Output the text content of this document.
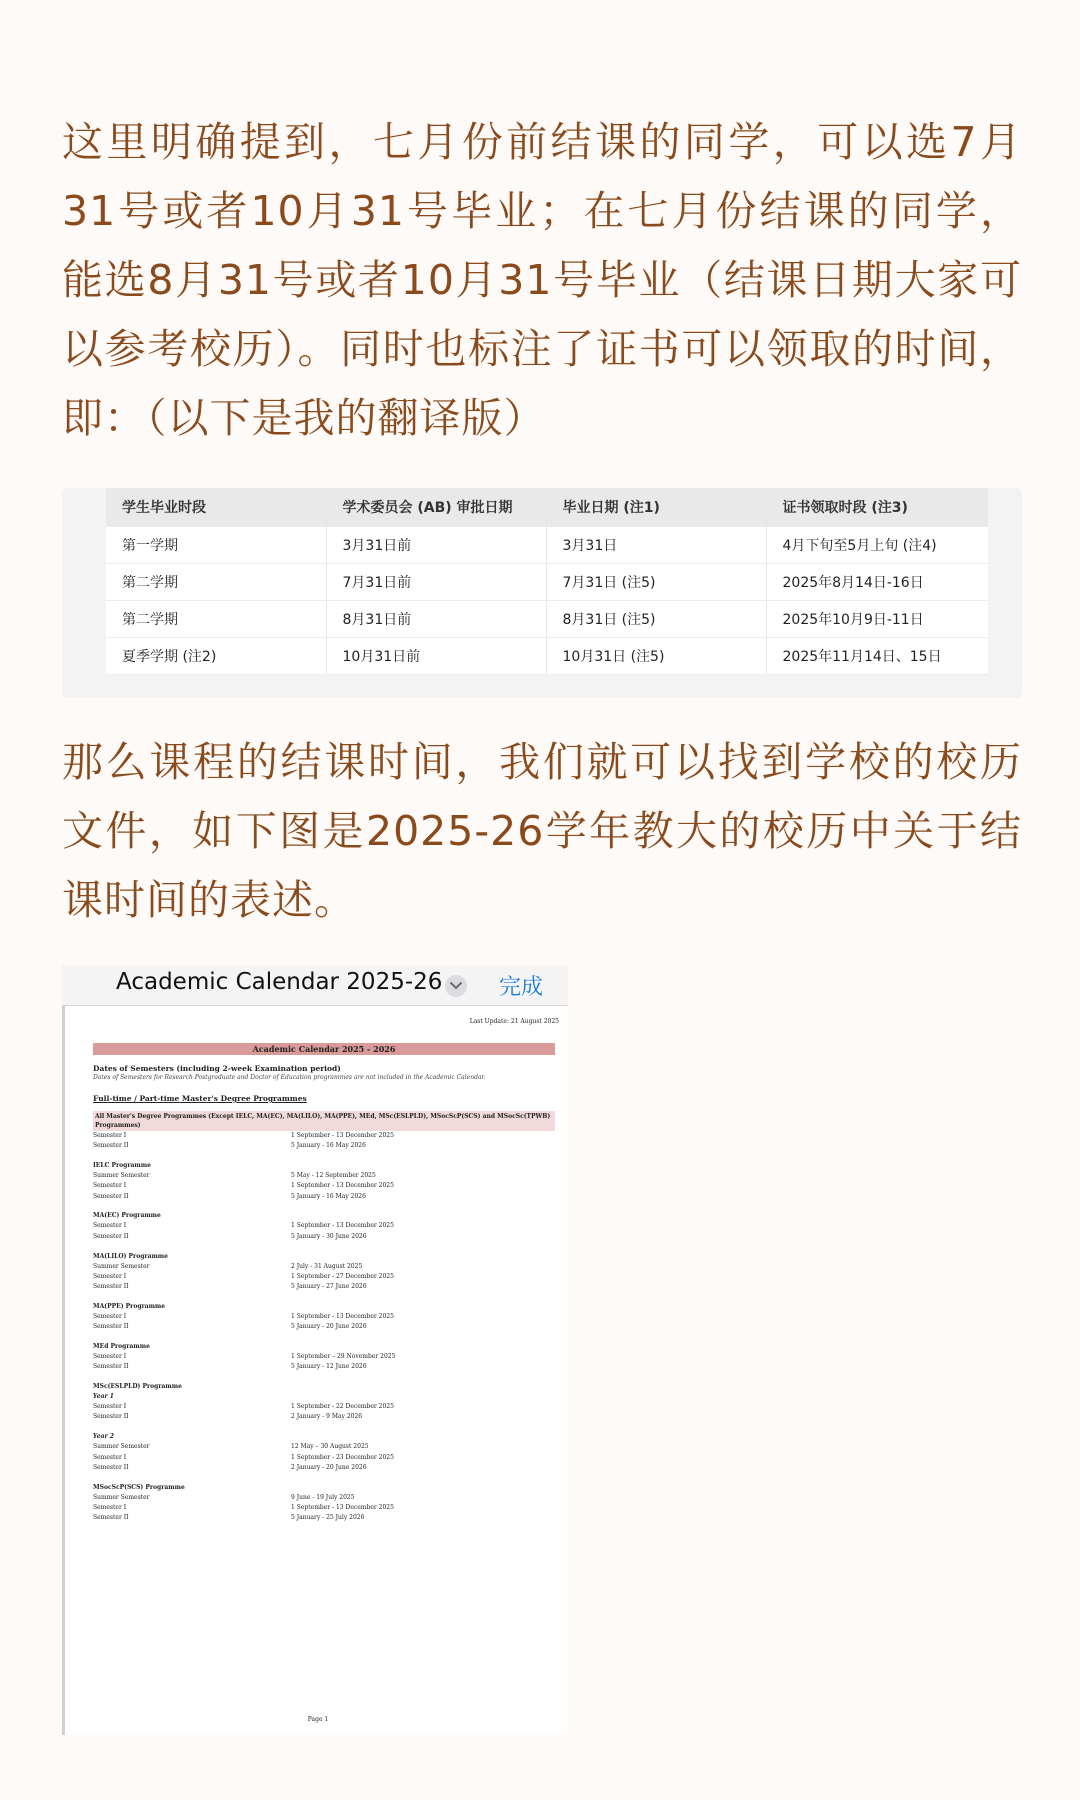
这里明确提到，七月份前结课的同学，可以选7月31号或者10月31号毕业；在七月份结课的同学，能选8月31号或者10月31号毕业（结课日期大家可以参考校历）。同时也标注了证书可以领取的时间，即：（以下是我的翻译版）

学生毕业时段	学术委员会 (AB) 审批日期	毕业日期 (注1)	证书领取时段 (注3)
第一学期	3月31日前	3月31日	4月下旬至5月上旬 (注4)
第二学期	7月31日前	7月31日 (注5)	2025年8月14日-16日
第二学期	8月31日前	8月31日 (注5)	2025年10月9日-11日
夏季学期 (注2)	10月31日前	10月31日 (注5)	2025年11月14日、15日

那么课程的结课时间，我们就可以找到学校的校历文件，如下图是2025-26学年教大的校历中关于结课时间的表述。

Academic Calendar 2025-26	完成
Last Update: 21 August 2025
Academic Calendar 2025 - 2026
Dates of Semesters (including 2-week Examination period)
Dates of Semesters for Research Postgraduate and Doctor of Education programmes are not included in the Academic Calendar.
Full-time / Part-time Master's Degree Programmes
All Master's Degree Programmes (Except IELC, MA(EC), MA(LILO), MA(PPE), MEd, MSc(ESLPLD), MSocScP(SCS) and MSocSc(TPWB) Programmes)
Semester I	1 September - 13 December 2025
Semester II	5 January - 16 May 2026
IELC Programme
Summer Semester	5 May - 12 September 2025
Semester I	1 September - 13 December 2025
Semester II	5 January - 16 May 2026
MA(EC) Programme
Semester I	1 September - 13 December 2025
Semester II	5 January - 30 June 2026
MA(LILO) Programme
Summer Semester	2 July - 31 August 2025
Semester I	1 September - 27 December 2025
Semester II	5 January - 27 June 2026
MA(PPE) Programme
Semester I	1 September - 13 December 2025
Semester II	5 January - 20 June 2026
MEd Programme
Semester I	1 September – 29 November 2025
Semester II	5 January - 12 June 2026
MSc(ESLPLD) Programme
Year 1
Semester I	1 September - 22 December 2025
Semester II	2 January - 9 May 2026
Year 2
Summer Semester	12 May – 30 August 2025
Semester I	1 September - 23 December 2025
Semester II	2 January - 20 June 2026
MSocScP(SCS) Programme
Summer Semester	9 June - 19 July 2025
Semester I	1 September - 13 December 2025
Semester II	5 January - 25 July 2026
Page 1
